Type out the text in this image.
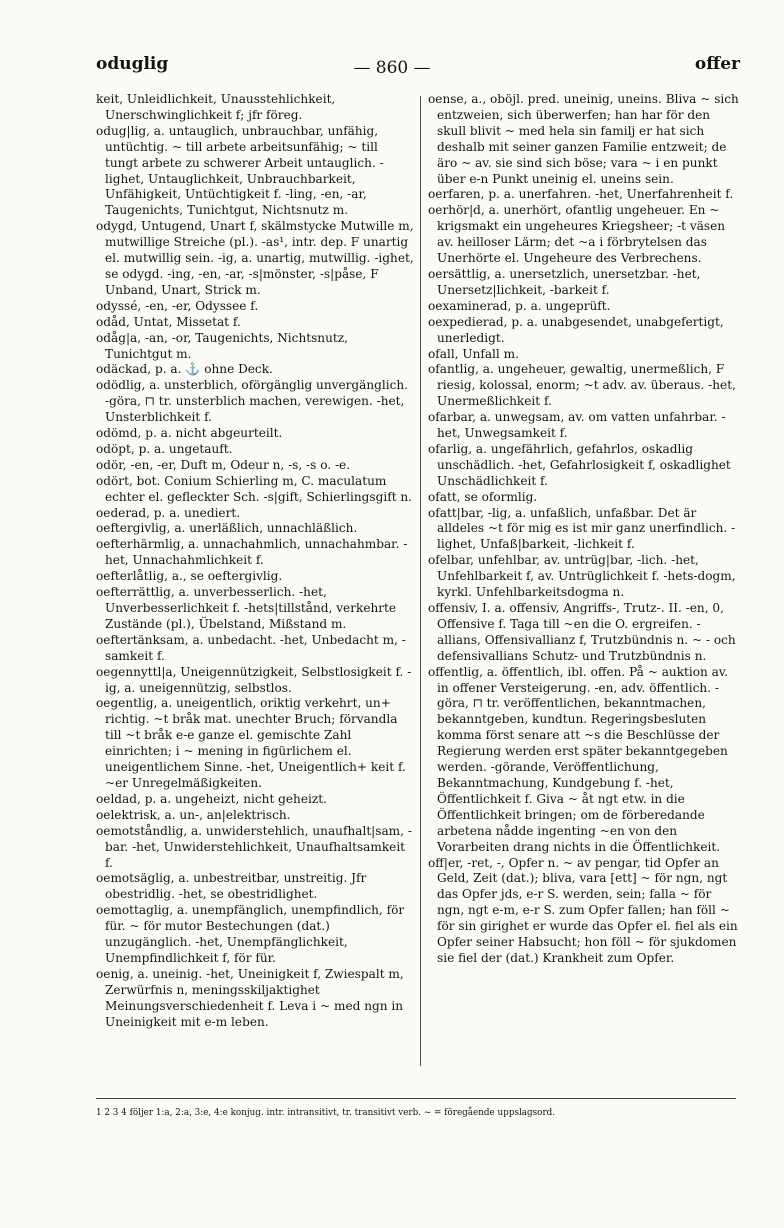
oduglig	— 860 —	offer

keit, Unleidlichkeit, Unausstehlichkeit, Unerschwinglichkeit f; jfr föreg.

odug|lig, a. untauglich, unbrauchbar, unfähig, untüchtig. ~ till arbete arbeitsunfähig; ~ till tungt arbete zu schwerer Arbeit untauglich. -lighet, Untauglichkeit, Unbrauchbarkeit, Unfähigkeit, Untüchtigkeit f. -ling, -en, -ar, Taugenichts, Tunichtgut, Nichtsnutz m.

odygd, Untugend, Unart f, skälmstycke Mutwille m, mutwillige Streiche (pl.). -as¹, intr. dep. F unartig el. mutwillig sein. -ig, a. unartig, mutwillig. -ighet, se odygd. -ing, -en, -ar, -s|mönster, -s|påse, F Unband, Unart, Strick m.

odyssé, -en, -er, Odyssee f.

odåd, Untat, Missetat f.

odåg|a, -an, -or, Taugenichts, Nichtsnutz, Tunichtgut m.

odäckad, p. a. ⚓ ohne Deck.

odödlig, a. unsterblich, oförgänglig unvergänglich. -göra, ⊓ tr. unsterblich machen, verewigen. -het, Unsterblichkeit f.

odömd, p. a. nicht abgeurteilt.

odöpt, p. a. ungetauft.

odör, -en, -er, Duft m, Odeur n, -s, -s o. -e.

odört, bot. Conium Schierling m, C. maculatum echter el. gefleckter Sch. -s|gift, Schierlingsgift n.

oederad, p. a. unediert.

oeftergivlig, a. unerläßlich, unnachläßlich.

oefterhärmlig, a. unnachahmlich, unnachahmbar. -het, Unnachahmlichkeit f.

oefterlåtlig, a., se oeftergivlig.

oefterrättlig, a. unverbesserlich. -het, Unverbesserlichkeit f. -hets|tillstånd, verkehrte Zustände (pl.), Übelstand, Mißstand m.

oeftertänksam, a. unbedacht. -het, Unbedacht m, -samkeit f.

oegennyttl|a, Uneigennützigkeit, Selbstlosigkeit f. -ig, a. uneigennützig, selbstlos.

oegentlig, a. uneigentlich, oriktig verkehrt, un+ richtig. ~t bråk mat. unechter Bruch; förvandla till ~t bråk e-e ganze el. gemischte Zahl einrichten; i ~ mening in figürlichem el. uneigentlichem Sinne. -het, Uneigentlich+ keit f. ~er Unregelmäßigkeiten.

oeldad, p. a. ungeheizt, nicht geheizt.

oelektrisk, a. un-, an|elektrisch.

oemotståndlig, a. unwiderstehlich, unaufhalt|sam, -bar. -het, Unwiderstehlichkeit, Unaufhaltsamkeit f.

oemotsäglig, a. unbestreitbar, unstreitig. Jfr obestridlig. -het, se obestridlighet.

oemottaglig, a. unempfänglich, unempfindlich, för für. ~ för mutor Bestechungen (dat.) unzugänglich. -het, Unempfänglichkeit, Unempfindlichkeit f, för für.

oenig, a. uneinig. -het, Uneinigkeit f, Zwiespalt m, Zerwürfnis n, meningsskiljaktighet Meinungsverschiedenheit f. Leva i ~ med ngn in Uneinigkeit mit e-m leben.

oense, a., oböjl. pred. uneinig, uneins. Bliva ~ sich entzweien, sich überwerfen; han har för den skull blivit ~ med hela sin familj er hat sich deshalb mit seiner ganzen Familie entzweit; de äro ~ av. sie sind sich böse; vara ~ i en punkt über e-n Punkt uneinig el. uneins sein.

oerfaren, p. a. unerfahren. -het, Unerfahrenheit f.

oerhör|d, a. unerhört, ofantlig ungeheuer. En ~ krigsmakt ein ungeheures Kriegsheer; -t väsen av. heilloser Lärm; det ~a i förbrytelsen das Unerhörte el. Ungeheure des Verbrechens.

oersättlig, a. unersetzlich, unersetzbar. -het, Unersetz|lichkeit, -barkeit f.

oexaminerad, p. a. ungeprüft.

oexpedierad, p. a. unabgesendet, unabgefertigt, unerledigt.

ofall, Unfall m.

ofantlig, a. ungeheuer, gewaltig, unermeßlich, F riesig, kolossal, enorm; ~t adv. av. überaus. -het, Unermeßlichkeit f.

ofarbar, a. unwegsam, av. om vatten unfahrbar. -het, Unwegsamkeit f.

ofarlig, a. ungefährlich, gefahrlos, oskadlig unschädlich. -het, Gefahrlosigkeit f, oskadlighet Unschädlichkeit f.

ofatt, se oformlig.

ofatt|bar, -lig, a. unfaßlich, unfaßbar. Det är alldeles ~t för mig es ist mir ganz unerfindlich. -lighet, Unfaß|barkeit, -lichkeit f.

ofelbar, unfehlbar, av. untrüg|bar, -lich. -het, Unfehlbarkeit f, av. Untrüglichkeit f. -hets-dogm, kyrkl. Unfehlbarkeitsdogma n.

offensiv, I. a. offensiv, Angriffs-, Trutz-. II. -en, 0, Offensive f. Taga till ~en die O. ergreifen. -allians, Offensivallianz f, Trutzbündnis n. ~ - och defensivallians Schutz- und Trutzbündnis n.

offentlig, a. öffentlich, ibl. offen. På ~ auktion av. in offener Versteigerung. -en, adv. öffentlich. -göra, ⊓ tr. veröffentlichen, bekanntmachen, bekanntgeben, kundtun. Regeringsbesluten komma först senare att ~s die Beschlüsse der Regierung werden erst später bekanntgegeben werden. -görande, Veröffentlichung, Bekanntmachung, Kundgebung f. -het, Öffentlichkeit f. Giva ~ åt ngt etw. in die Öffentlichkeit bringen; om de förberedande arbetena nådde ingenting ~en von den Vorarbeiten drang nichts in die Öffentlichkeit.

off|er, -ret, -, Opfer n. ~ av pengar, tid Opfer an Geld, Zeit (dat.); bliva, vara [ett] ~ för ngn, ngt das Opfer jds, e-r S. werden, sein; falla ~ för ngn, ngt e-m, e-r S. zum Opfer fallen; han föll ~ för sin girighet er wurde das Opfer el. fiel als ein Opfer seiner Habsucht; hon föll ~ för sjukdomen sie fiel der (dat.) Krankheit zum Opfer.

1 2 3 4 följer 1:a, 2:a, 3:e, 4:e konjug. intr. intransitivt, tr. transitivt verb. ~ = föregående uppslagsord.
